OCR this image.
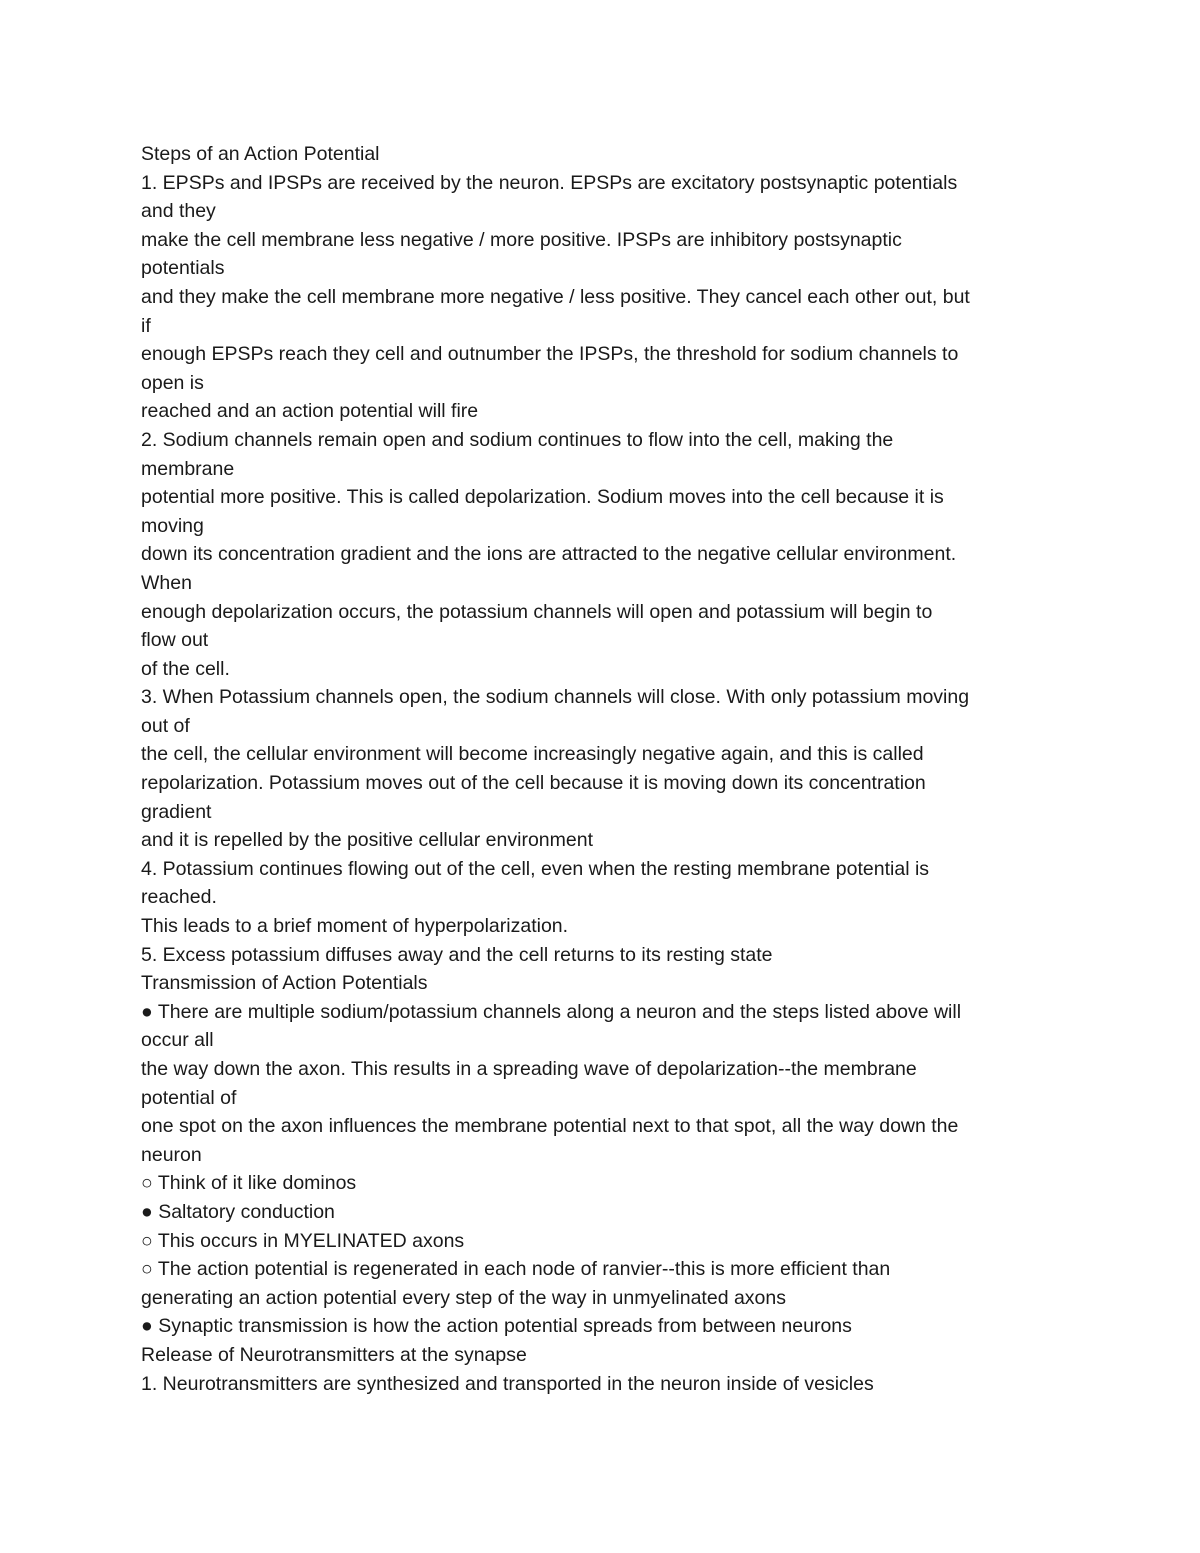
Steps of an Action Potential
1. EPSPs and IPSPs are received by the neuron. EPSPs are excitatory postsynaptic potentials
and they
make the cell membrane less negative / more positive. IPSPs are inhibitory postsynaptic
potentials
and they make the cell membrane more negative / less positive. They cancel each other out, but
if
enough EPSPs reach they cell and outnumber the IPSPs, the threshold for sodium channels to
open is
reached and an action potential will fire
2. Sodium channels remain open and sodium continues to flow into the cell, making the
membrane
potential more positive. This is called depolarization. Sodium moves into the cell because it is
moving
down its concentration gradient and the ions are attracted to the negative cellular environment.
When
enough depolarization occurs, the potassium channels will open and potassium will begin to
flow out
of the cell.
3. When Potassium channels open, the sodium channels will close. With only potassium moving
out of
the cell, the cellular environment will become increasingly negative again, and this is called
repolarization. Potassium moves out of the cell because it is moving down its concentration
gradient
and it is repelled by the positive cellular environment
4. Potassium continues flowing out of the cell, even when the resting membrane potential is
reached.
This leads to a brief moment of hyperpolarization.
5. Excess potassium diffuses away and the cell returns to its resting state
Transmission of Action Potentials
● There are multiple sodium/potassium channels along a neuron and the steps listed above will
occur all
the way down the axon. This results in a spreading wave of depolarization--the membrane
potential of
one spot on the axon influences the membrane potential next to that spot, all the way down the
neuron
○ Think of it like dominos
● Saltatory conduction
○ This occurs in MYELINATED axons
○ The action potential is regenerated in each node of ranvier--this is more efficient than
generating an action potential every step of the way in unmyelinated axons
● Synaptic transmission is how the action potential spreads from between neurons
Release of Neurotransmitters at the synapse
1. Neurotransmitters are synthesized and transported in the neuron inside of vesicles
